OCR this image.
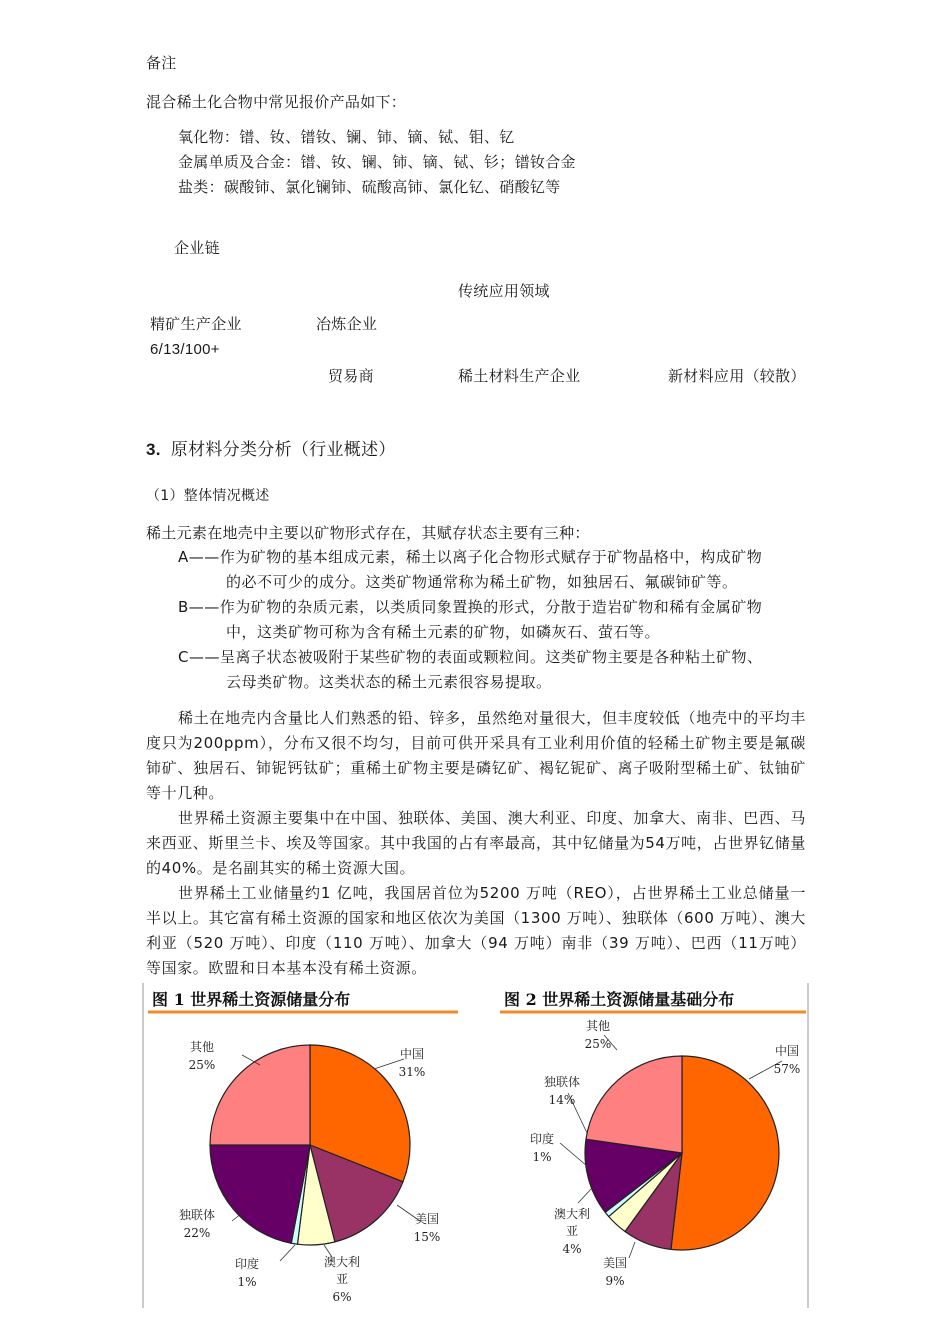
备注
混合稀土化合物中常见报价产品如下：
氧化物：镨、钕、镨钕、镧、铈、镝、铽、钼、钇
金属单质及合金：镨、钕、镧、铈、镝、铽、钐；镨钕合金
盐类：碳酸铈、氯化镧铈、硫酸高铈、氯化钇、硝酸钇等
企业链
传统应用领域
精矿生产企业	冶炼企业
6/13/100+
贸易商	稀土材料生产企业	新材料应用（较散）
3. 原材料分类分析（行业概述）
（1）整体情况概述
稀土元素在地壳中主要以矿物形式存在，其赋存状态主要有三种：
A——作为矿物的基本组成元素，稀土以离子化合物形式赋存于矿物晶格中，构成矿物
的必不可少的成分。这类矿物通常称为稀土矿物，如独居石、氟碳铈矿等。
B——作为矿物的杂质元素，以类质同象置换的形式，分散于造岩矿物和稀有金属矿物
中，这类矿物可称为含有稀土元素的矿物，如磷灰石、萤石等。
C——呈离子状态被吸附于某些矿物的表面或颗粒间。这类矿物主要是各种粘土矿物、
云母类矿物。这类状态的稀土元素很容易提取。
稀土在地壳内含量比人们熟悉的铅、锌多，虽然绝对量很大，但丰度较低（地壳中的平均丰度只为200ppm），分布又很不均匀，目前可供开采具有工业利用价值的轻稀土矿物主要是氟碳铈矿、独居石、铈铌钙钛矿；重稀土矿物主要是磷钇矿、褐钇铌矿、离子吸附型稀土矿、钛铀矿等十几种。
世界稀土资源主要集中在中国、独联体、美国、澳大利亚、印度、加拿大、南非、巴西、马来西亚、斯里兰卡、埃及等国家。其中我国的占有率最高，其中钇储量为54万吨，占世界钇储量的40%。是名副其实的稀土资源大国。
世界稀土工业储量约1 亿吨，我国居首位为5200 万吨（REO），占世界稀土工业总储量一半以上。其它富有稀土资源的国家和地区依次为美国（1300 万吨）、独联体（600 万吨）、澳大利亚（520 万吨）、印度（110 万吨）、加拿大（94 万吨）南非（39 万吨）、巴西（11万吨）等国家。欧盟和日本基本没有稀土资源。
图 1 世界稀土资源储量分布	图 2 世界稀土资源储量基础分布
中国
31%
美国
15%
澳大利亚
6%
印度
1%
独联体
22%
其他
25%
中国
57%
美国
9%
澳大利亚
4%
印度
1%
独联体
14%
其他
25%
